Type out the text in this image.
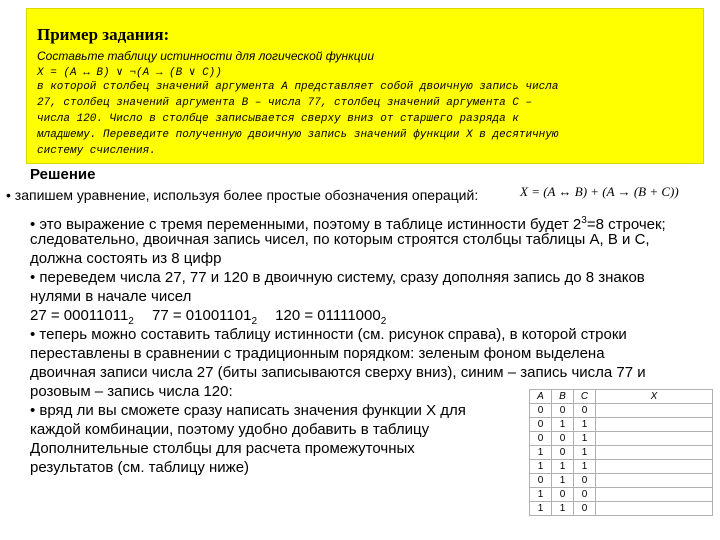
Пример задания:
Составьте таблицу истинности для логической функции
X = (A ↔ B) ∨ ¬(A → (B ∨ C))
в которой столбец значений аргумента А представляет собой двоичную запись числа
27, столбец значений аргумента В – числа 77, столбец значений аргумента С –
числа 120. Число в столбце записывается сверху вниз от старшего разряда к
младшему. Переведите полученную двоичную запись значений функции X в десятичную
систему счисления.
Решение
• запишем уравнение, используя более простые обозначения операций:	X = (A ↔ B) + (A → (B + C))
• это выражение с тремя переменными, поэтому в таблице истинности будет $2^3=8$ строчек;
следовательно, двоичная запись чисел, по которым строятся столбцы таблицы А, В и С,
должна состоять из 8 цифр
• переведем числа 27, 77 и 120 в двоичную систему, сразу дополняя запись до 8 знаков
нулями в начале чисел
$27 = 00011011_2$ $77 = 01001101_2$ $120 = 01111000_2$
• теперь можно составить таблицу истинности (см. рисунок справа), в которой строки
переставлены в сравнении с традиционным порядком: зеленым фоном выделена
двоичная записи числа 27 (биты записываются сверху вниз), синим – запись числа 77 и
розовым – запись числа 120:
• вряд ли вы сможете сразу написать значения функции X для
каждой комбинации, поэтому удобно добавить в таблицу
Дополнительные столбцы для расчета промежуточных
результатов (см. таблицу ниже)
A	B	C	X
0	0	0	
0	1	1	
0	0	1	
1	0	1	
1	1	1	
0	1	0	
1	0	0	
1	1	0	
